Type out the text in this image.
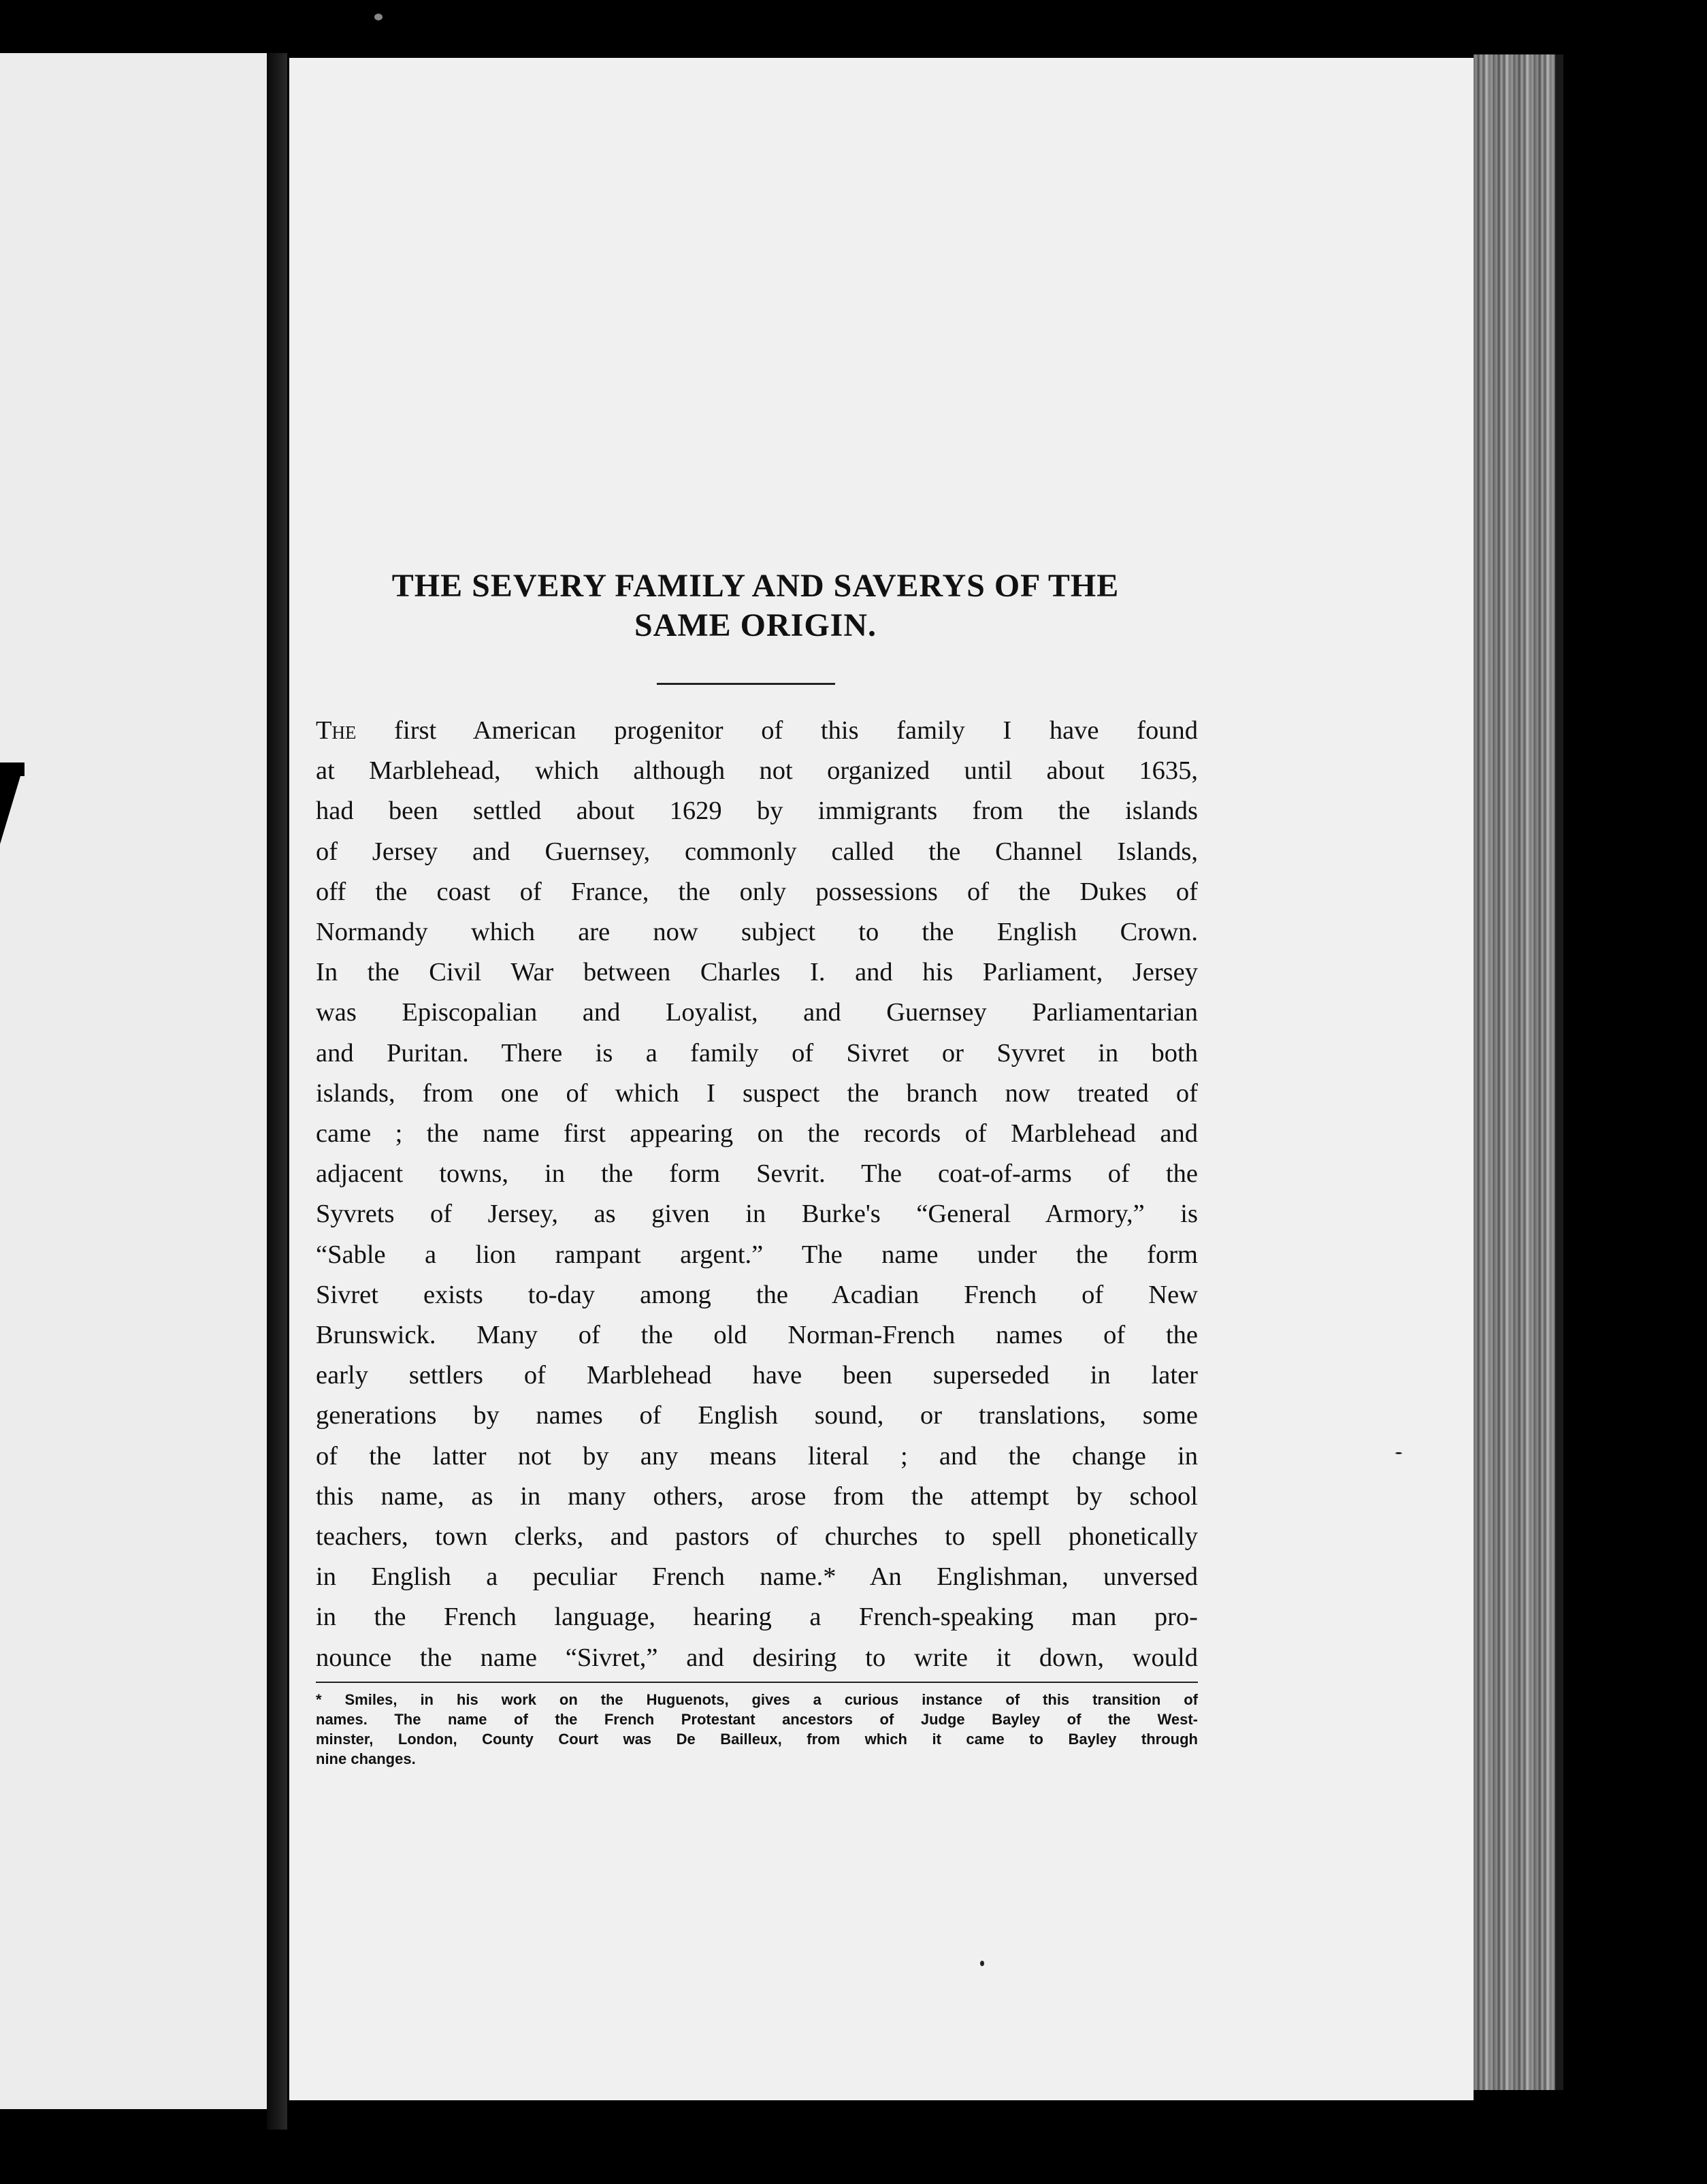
THE SEVERY FAMILY AND SAVERYS OF THE
SAME ORIGIN.
The first American progenitor of this family I have found
at Marblehead, which although not organized until about 1635,
had been settled about 1629 by immigrants from the islands
of Jersey and Guernsey, commonly called the Channel Islands,
off the coast of France, the only possessions of the Dukes of
Normandy which are now subject to the English Crown.
In the Civil War between Charles I. and his Parliament, Jersey
was Episcopalian and Loyalist, and Guernsey Parliamentarian
and Puritan. There is a family of Sivret or Syvret in both
islands, from one of which I suspect the branch now treated of
came ; the name first appearing on the records of Marblehead and
adjacent towns, in the form Sevrit. The coat-of-arms of the
Syvrets of Jersey, as given in Burke's “General Armory,” is
“Sable a lion rampant argent.” The name under the form
Sivret exists to-day among the Acadian French of New
Brunswick. Many of the old Norman-French names of the
early settlers of Marblehead have been superseded in later
generations by names of English sound, or translations, some
of the latter not by any means literal ; and the change in
this name, as in many others, arose from the attempt by school
teachers, town clerks, and pastors of churches to spell phonetically
in English a peculiar French name.* An Englishman, unversed
in the French language, hearing a French-speaking man pro-
nounce the name “Sivret,” and desiring to write it down, would
* Smiles, in his work on the Huguenots, gives a curious instance of this transition of
names. The name of the French Protestant ancestors of Judge Bayley of the West-
minster, London, County Court was De Bailleux, from which it came to Bayley through
nine changes.
